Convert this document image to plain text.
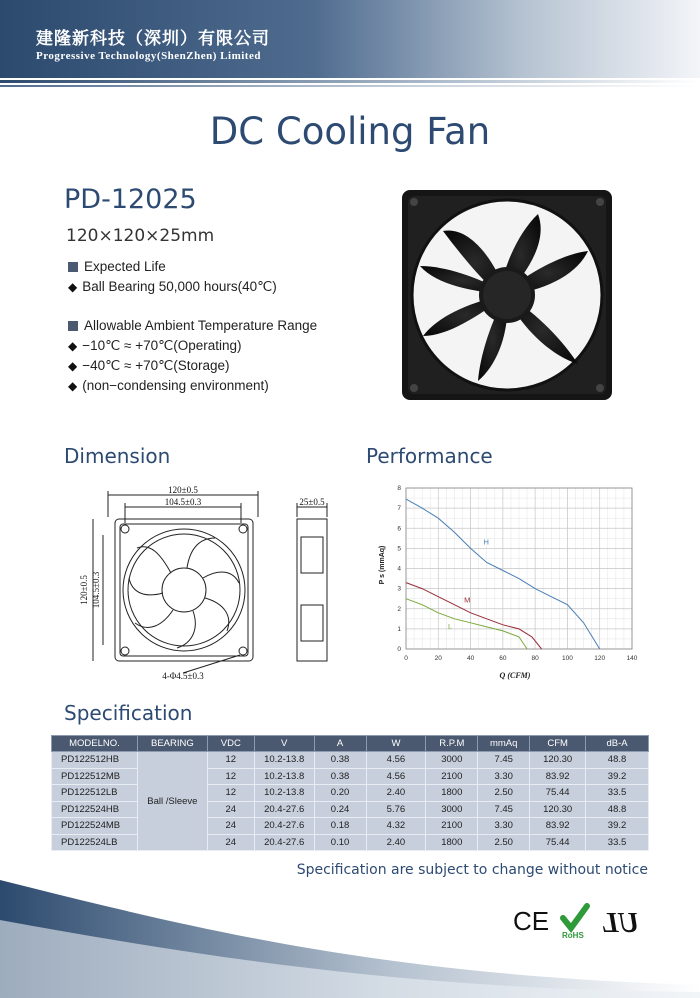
建隆新科技（深圳）有限公司
Progressive Technology(ShenZhen) Limited
DC Cooling Fan
PD-12025
120×120×25mm
Expected Life
◆ Ball Bearing 50,000 hours(40℃)
Allowable Ambient Temperature Range
◆ −10℃ ≈ +70℃(Operating)
◆ −40℃ ≈ +70℃(Storage)
◆ (non−condensing environment)
Dimension	Performance
120±0.5
104.5±0.3	25±0.5
120±0.5 104.5±0.3
4-Φ4.5±0.3
0	20	40	60	80	100	120	140
0
1
2
3
4
5
6
7
8
H
M
L
Q (CFM)
P s (mmAq)
Specification
MODELNO.	BEARING	VDC	V	A	W	R.P.M	mmAq	CFM	dB-A
PD122512HB	Ball /Sleeve	12	10.2-13.8	0.38	4.56	3000	7.45	120.30	48.8
PD122512MB		12	10.2-13.8	0.38	4.56	2100	3.30	83.92	39.2
PD122512LB		12	10.2-13.8	0.20	2.40	1800	2.50	75.44	33.5
PD122524HB		24	20.4-27.6	0.24	5.76	3000	7.45	120.30	48.8
PD122524MB		24	20.4-27.6	0.18	4.32	2100	3.30	83.92	39.2
PD122524LB		24	20.4-27.6	0.10	2.40	1800	2.50	75.44	33.5
Specification are subject to change without notice
CE RoHS UL
